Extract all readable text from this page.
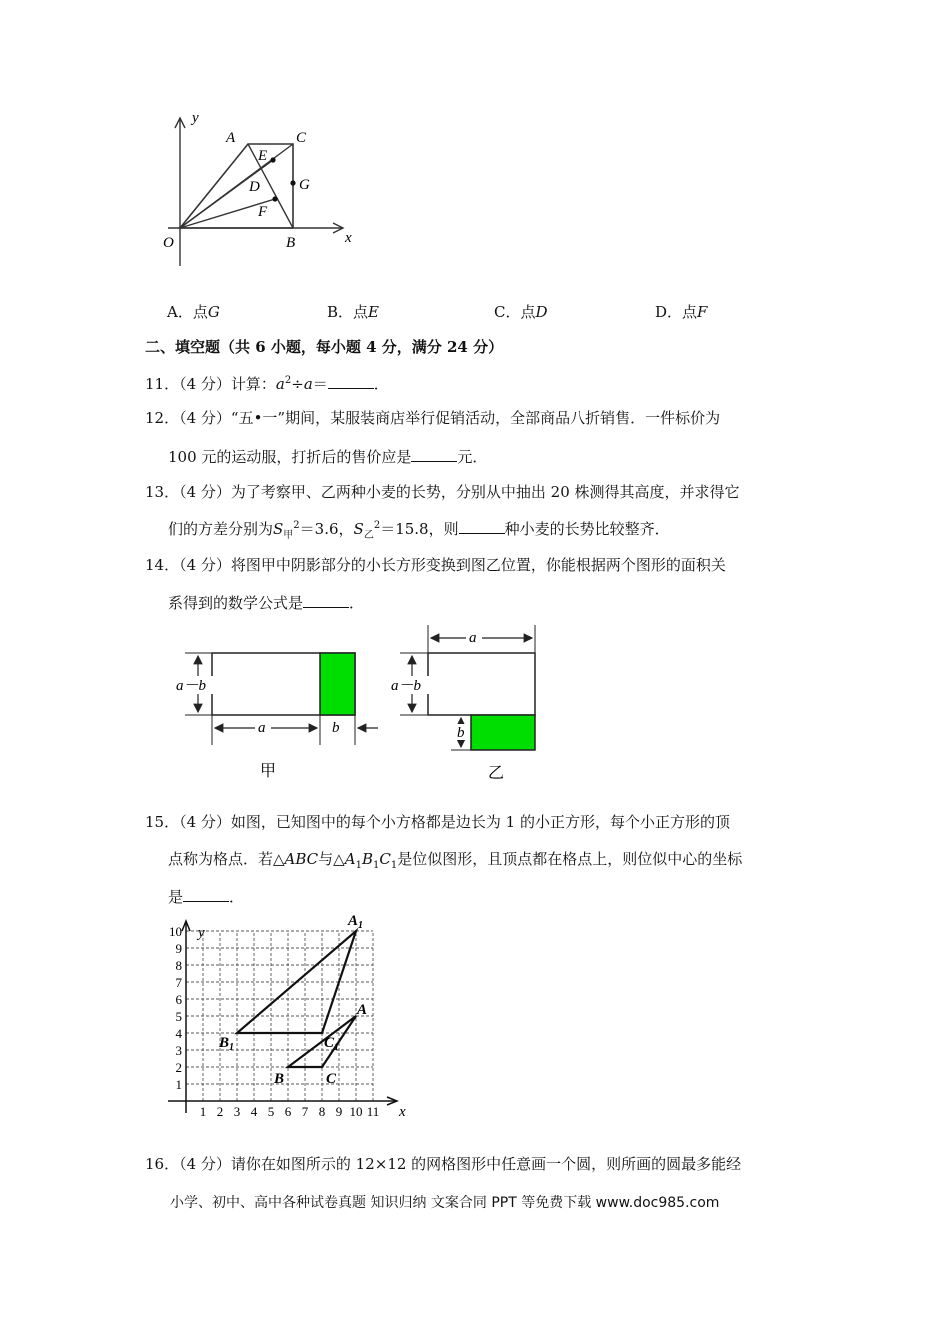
y
x
A	C
E
D	G
F
O	B
A．点G	B．点E	C．点D	D．点F
二、填空题（共 6 小题，每小题 4 分，满分 24 分）
11．（4 分）计算：$a^2\div a=$	．
12．（4 分）“五•一”期间，某服装商店举行促销活动，全部商品八折销售．一件标价为
100 元的运动服，打折后的售价应是	元．
13．（4 分）为了考察甲、乙两种小麦的长势，分别从中抽出 20 株测得其高度，并求得它
们的方差分别为$S_甲^2=3.6$，$S_乙^2=15.8$，则	种小麦的长势比较整齐．
14．（4 分）将图甲中阴影部分的小长方形变换到图乙位置，你能根据两个图形的面积关
系得到的数学公式是	．
a－b
a	b
甲
a
a－b
b
乙
15．（4 分）如图，已知图中的每个小方格都是边长为 1 的小正方形，每个小正方形的顶
点称为格点．若△ABC与$\triangle A_1B_1C_1$是位似图形，且顶点都在格点上，则位似中心的坐标
是	．
y
x
1
2
3
4
5
6
7
8
9
10
1 2 3 4 5 6 7 8 9 10 11
$A_1$
$B_1$	$C_1$
A
B	C
16．（4 分）请你在如图所示的 12×12 的网格图形中任意画一个圆，则所画的圆最多能经
小学、初中、高中各种试卷真题 知识归纳 文案合同 PPT 等免费下载 www.doc985.com
